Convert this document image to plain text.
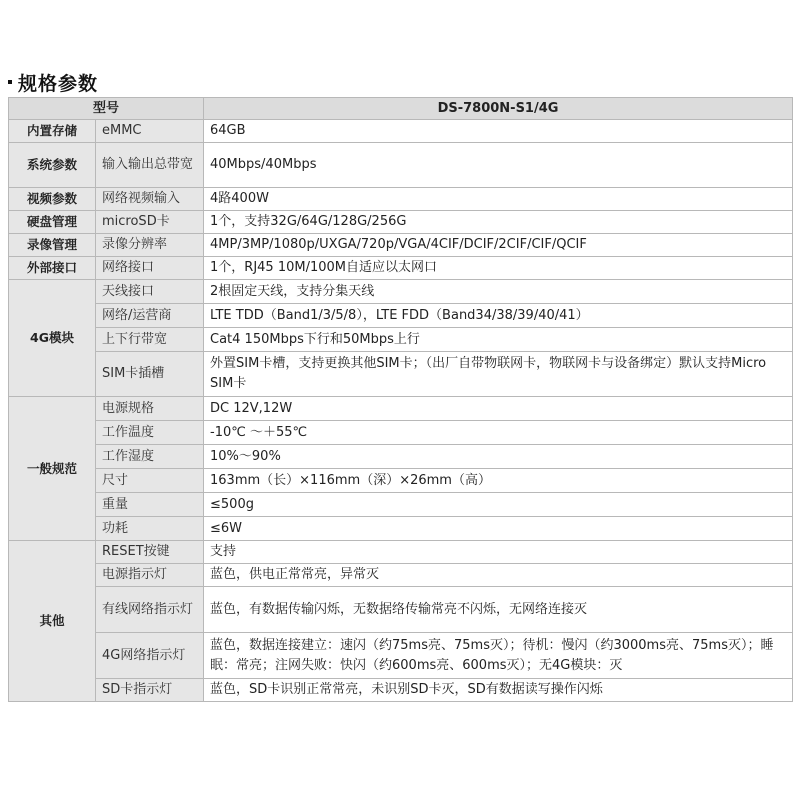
规格参数
型号		DS-7800N-S1/4G
内置存储	eMMC	64GB
系统参数	输入输出总带宽	40Mbps/40Mbps
视频参数	网络视频输入	4路400W
硬盘管理	microSD卡	1个，支持32G/64G/128G/256G
录像管理	录像分辨率	4MP/3MP/1080p/UXGA/720p/VGA/4CIF/DCIF/2CIF/CIF/QCIF
外部接口	网络接口	1个，RJ45 10M/100M自适应以太网口
4G模块	天线接口	2根固定天线，支持分集天线
	网络/运营商	LTE TDD（Band1/3/5/8），LTE FDD（Band34/38/39/40/41）
	上下行带宽	Cat4 150Mbps下行和50Mbps上行
	SIM卡插槽	外置SIM卡槽，支持更换其他SIM卡；（出厂自带物联网卡，物联网卡与设备绑定）默认支持Micro SIM卡
一般规范	电源规格	DC 12V,12W
	工作温度	-10℃ ～＋55℃
	工作湿度	10%～90%
	尺寸	163mm（长）×116mm（深）×26mm（高）
	重量	≤500g
	功耗	≤6W
其他	RESET按键	支持
	电源指示灯	蓝色，供电正常常亮，异常灭
	有线网络指示灯	蓝色，有数据传输闪烁，无数据络传输常亮不闪烁，无网络连接灭
	4G网络指示灯	蓝色，数据连接建立：速闪（约75ms亮、75ms灭）；待机：慢闪（约3000ms亮、75ms灭）；睡眠：常亮；注网失败：快闪（约600ms亮、600ms灭）；无4G模块：灭
	SD卡指示灯	蓝色，SD卡识别正常常亮，未识别SD卡灭，SD有数据读写操作闪烁
